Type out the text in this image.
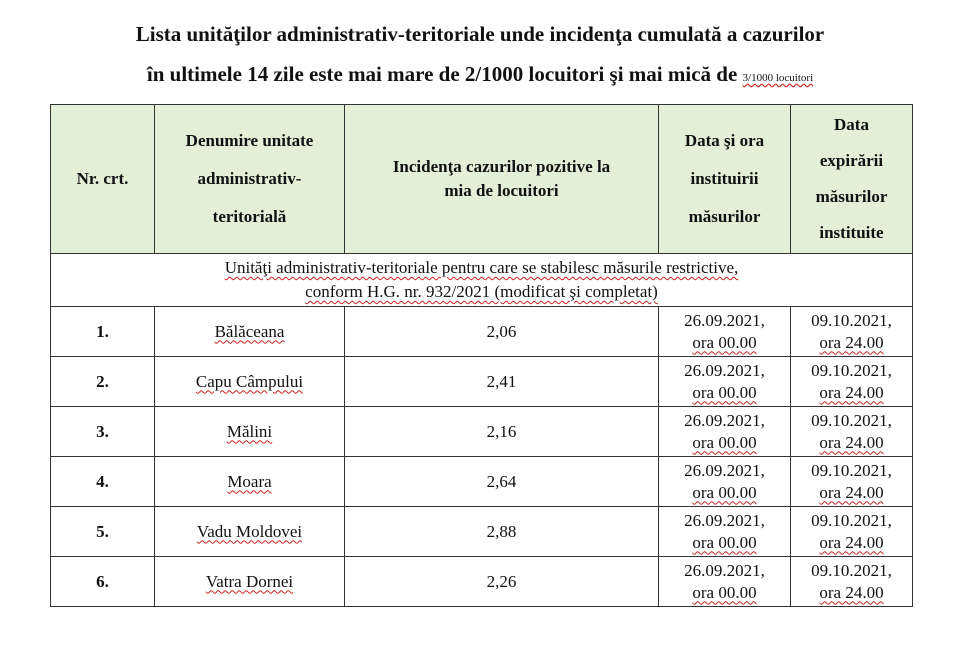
Lista unităţilor administrativ-teritoriale unde incidenţa cumulată a cazurilor
în ultimele 14 zile este mai mare de 2/1000 locuitori şi mai mică de 3/1000 locuitori
Nr. crt.	Denumire unitate
administrativ-
teritorială	Incidenţa cazurilor pozitive la
mia de locuitori	Data şi ora
instituirii
măsurilor	Data
expirării
măsurilor
instituite

Unităţi administrativ-teritoriale pentru care se stabilesc măsurile restrictive,
conform H.G. nr. 932/2021 (modificat şi completat)				

1.	Bălăceana	2,06	26.09.2021,
ora 00.00	09.10.2021,
ora 24.00

2.	Capu Câmpului	2,41	26.09.2021,
ora 00.00	09.10.2021,
ora 24.00

3.	Mălini	2,16	26.09.2021,
ora 00.00	09.10.2021,
ora 24.00

4.	Moara	2,64	26.09.2021,
ora 00.00	09.10.2021,
ora 24.00

5.	Vadu Moldovei	2,88	26.09.2021,
ora 00.00	09.10.2021,
ora 24.00

6.	Vatra Dornei	2,26	26.09.2021,
ora 00.00	09.10.2021,
ora 24.00
